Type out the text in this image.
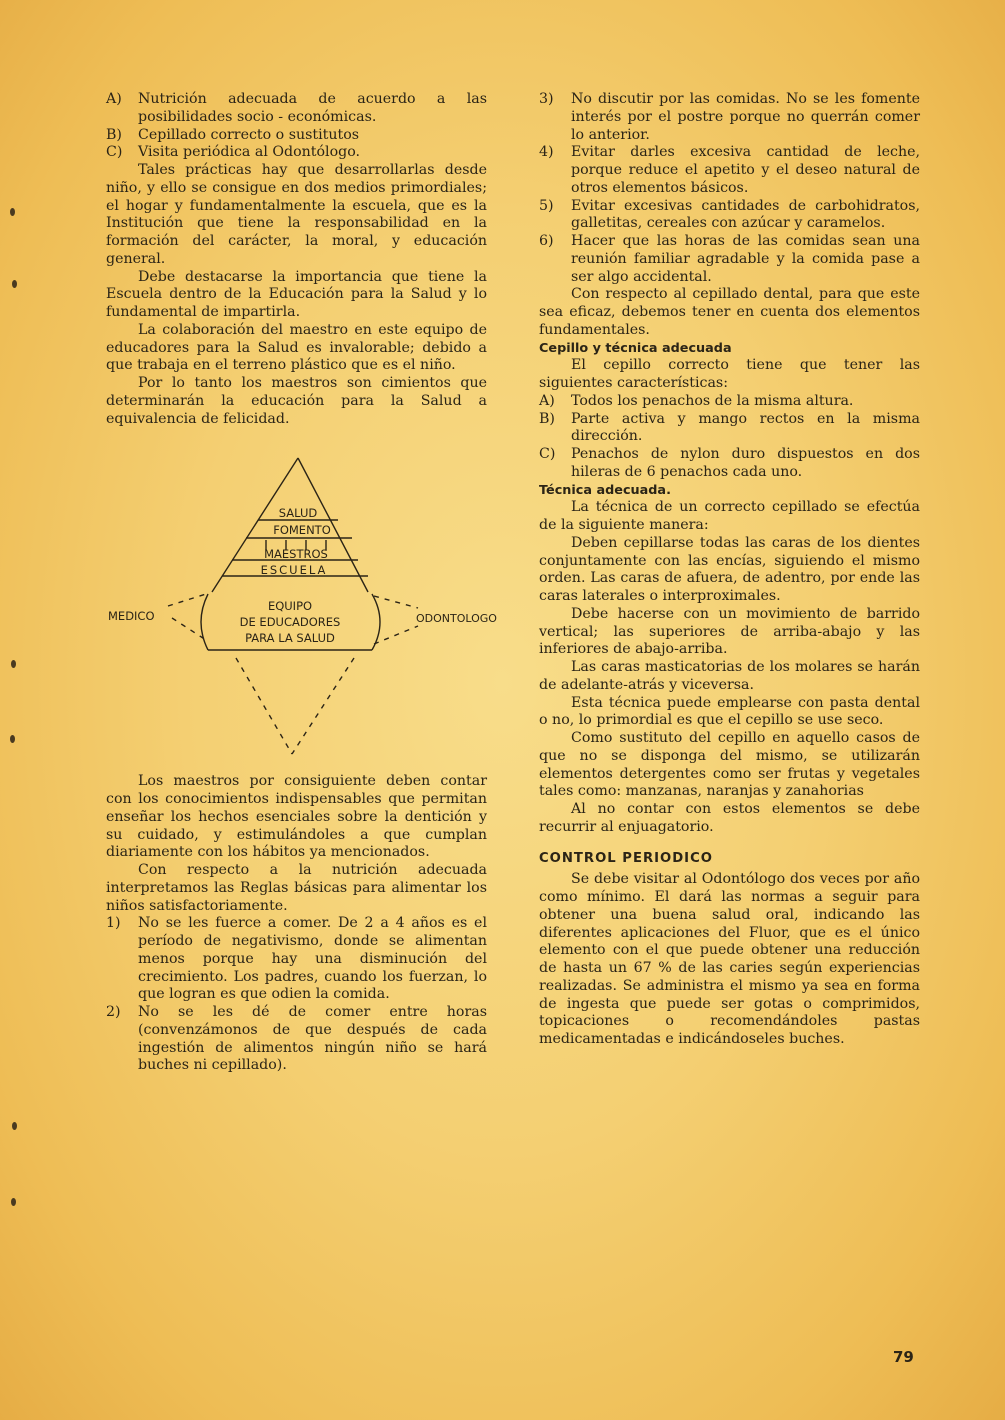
A)	Nutrición adecuada de acuerdo a las posibilidades socio - económicas.
B)	Cepillado correcto o sustitutos
C)	Visita periódica al Odontólogo.

Tales prácticas hay que desarrollarlas desde niño, y ello se consigue en dos medios primordiales; el hogar y fundamentalmente la escuela, que es la Institución que tiene la responsabilidad en la formación del carácter, la moral, y educación general.

Debe destacarse la importancia que tiene la Escuela dentro de la Educación para la Salud y lo fundamental de impartirla.

La colaboración del maestro en este equipo de educadores para la Salud es invalorable; debido a que trabaja en el terreno plástico que es el niño.

Por lo tanto los maestros son cimientos que determinarán la educación para la Salud a equivalencia de felicidad.

SALUD
FOMENTO
MAESTROS
ESCUELA
EQUIPO
DE EDUCADORES
PARA LA SALUD
MEDICO	ODONTOLOGO

Los maestros por consiguiente deben contar con los conocimientos indispensables que permitan enseñar los hechos esenciales sobre la dentición y su cuidado, y estimulándoles a que cumplan diariamente con los hábitos ya mencionados.

Con respecto a la nutrición adecuada interpretamos las Reglas básicas para alimentar los niños satisfactoriamente.

1)	No se les fuerce a comer. De 2 a 4 años es el período de negativismo, donde se alimentan menos porque hay una disminución del crecimiento. Los padres, cuando los fuerzan, lo que logran es que odien la comida.
2)	No se les dé de comer entre horas (convenzámonos de que después de cada ingestión de alimentos ningún niño se hará buches ni cepillado).
3)	No discutir por las comidas. No se les fomente interés por el postre porque no querrán comer lo anterior.
4)	Evitar darles excesiva cantidad de leche, porque reduce el apetito y el deseo natural de otros elementos básicos.
5)	Evitar excesivas cantidades de carbohidratos, galletitas, cereales con azúcar y caramelos.
6)	Hacer que las horas de las comidas sean una reunión familiar agradable y la comida pase a ser algo accidental.

Con respecto al cepillado dental, para que este sea eficaz, debemos tener en cuenta dos elementos fundamentales.

Cepillo y técnica adecuada

El cepillo correcto tiene que tener las siguientes características:

A)	Todos los penachos de la misma altura.
B)	Parte activa y mango rectos en la misma dirección.
C)	Penachos de nylon duro dispuestos en dos hileras de 6 penachos cada uno.

Técnica adecuada.

La técnica de un correcto cepillado se efectúa de la siguiente manera:

Deben cepillarse todas las caras de los dientes conjuntamente con las encías, siguiendo el mismo orden. Las caras de afuera, de adentro, por ende las caras laterales o interproximales.

Debe hacerse con un movimiento de barrido vertical; las superiores de arriba-abajo y las inferiores de abajo-arriba.

Las caras masticatorias de los molares se harán de adelante-atrás y viceversa.

Esta técnica puede emplearse con pasta dental o no, lo primordial es que el cepillo se use seco.

Como sustituto del cepillo en aquello casos de que no se disponga del mismo, se utilizarán elementos detergentes como ser frutas y vegetales tales como: manzanas, naranjas y zanahorias

Al no contar con estos elementos se debe recurrir al enjuagatorio.

CONTROL PERIODICO

Se debe visitar al Odontólogo dos veces por año como mínimo. El dará las normas a seguir para obtener una buena salud oral, indicando las diferentes aplicaciones del Fluor, que es el único elemento con el que puede obtener una reducción de hasta un 67 % de las caries según experiencias realizadas. Se administra el mismo ya sea en forma de ingesta que puede ser gotas o comprimidos, topicaciones o recomendándoles pastas medicamentadas e indicándoseles buches.

79
